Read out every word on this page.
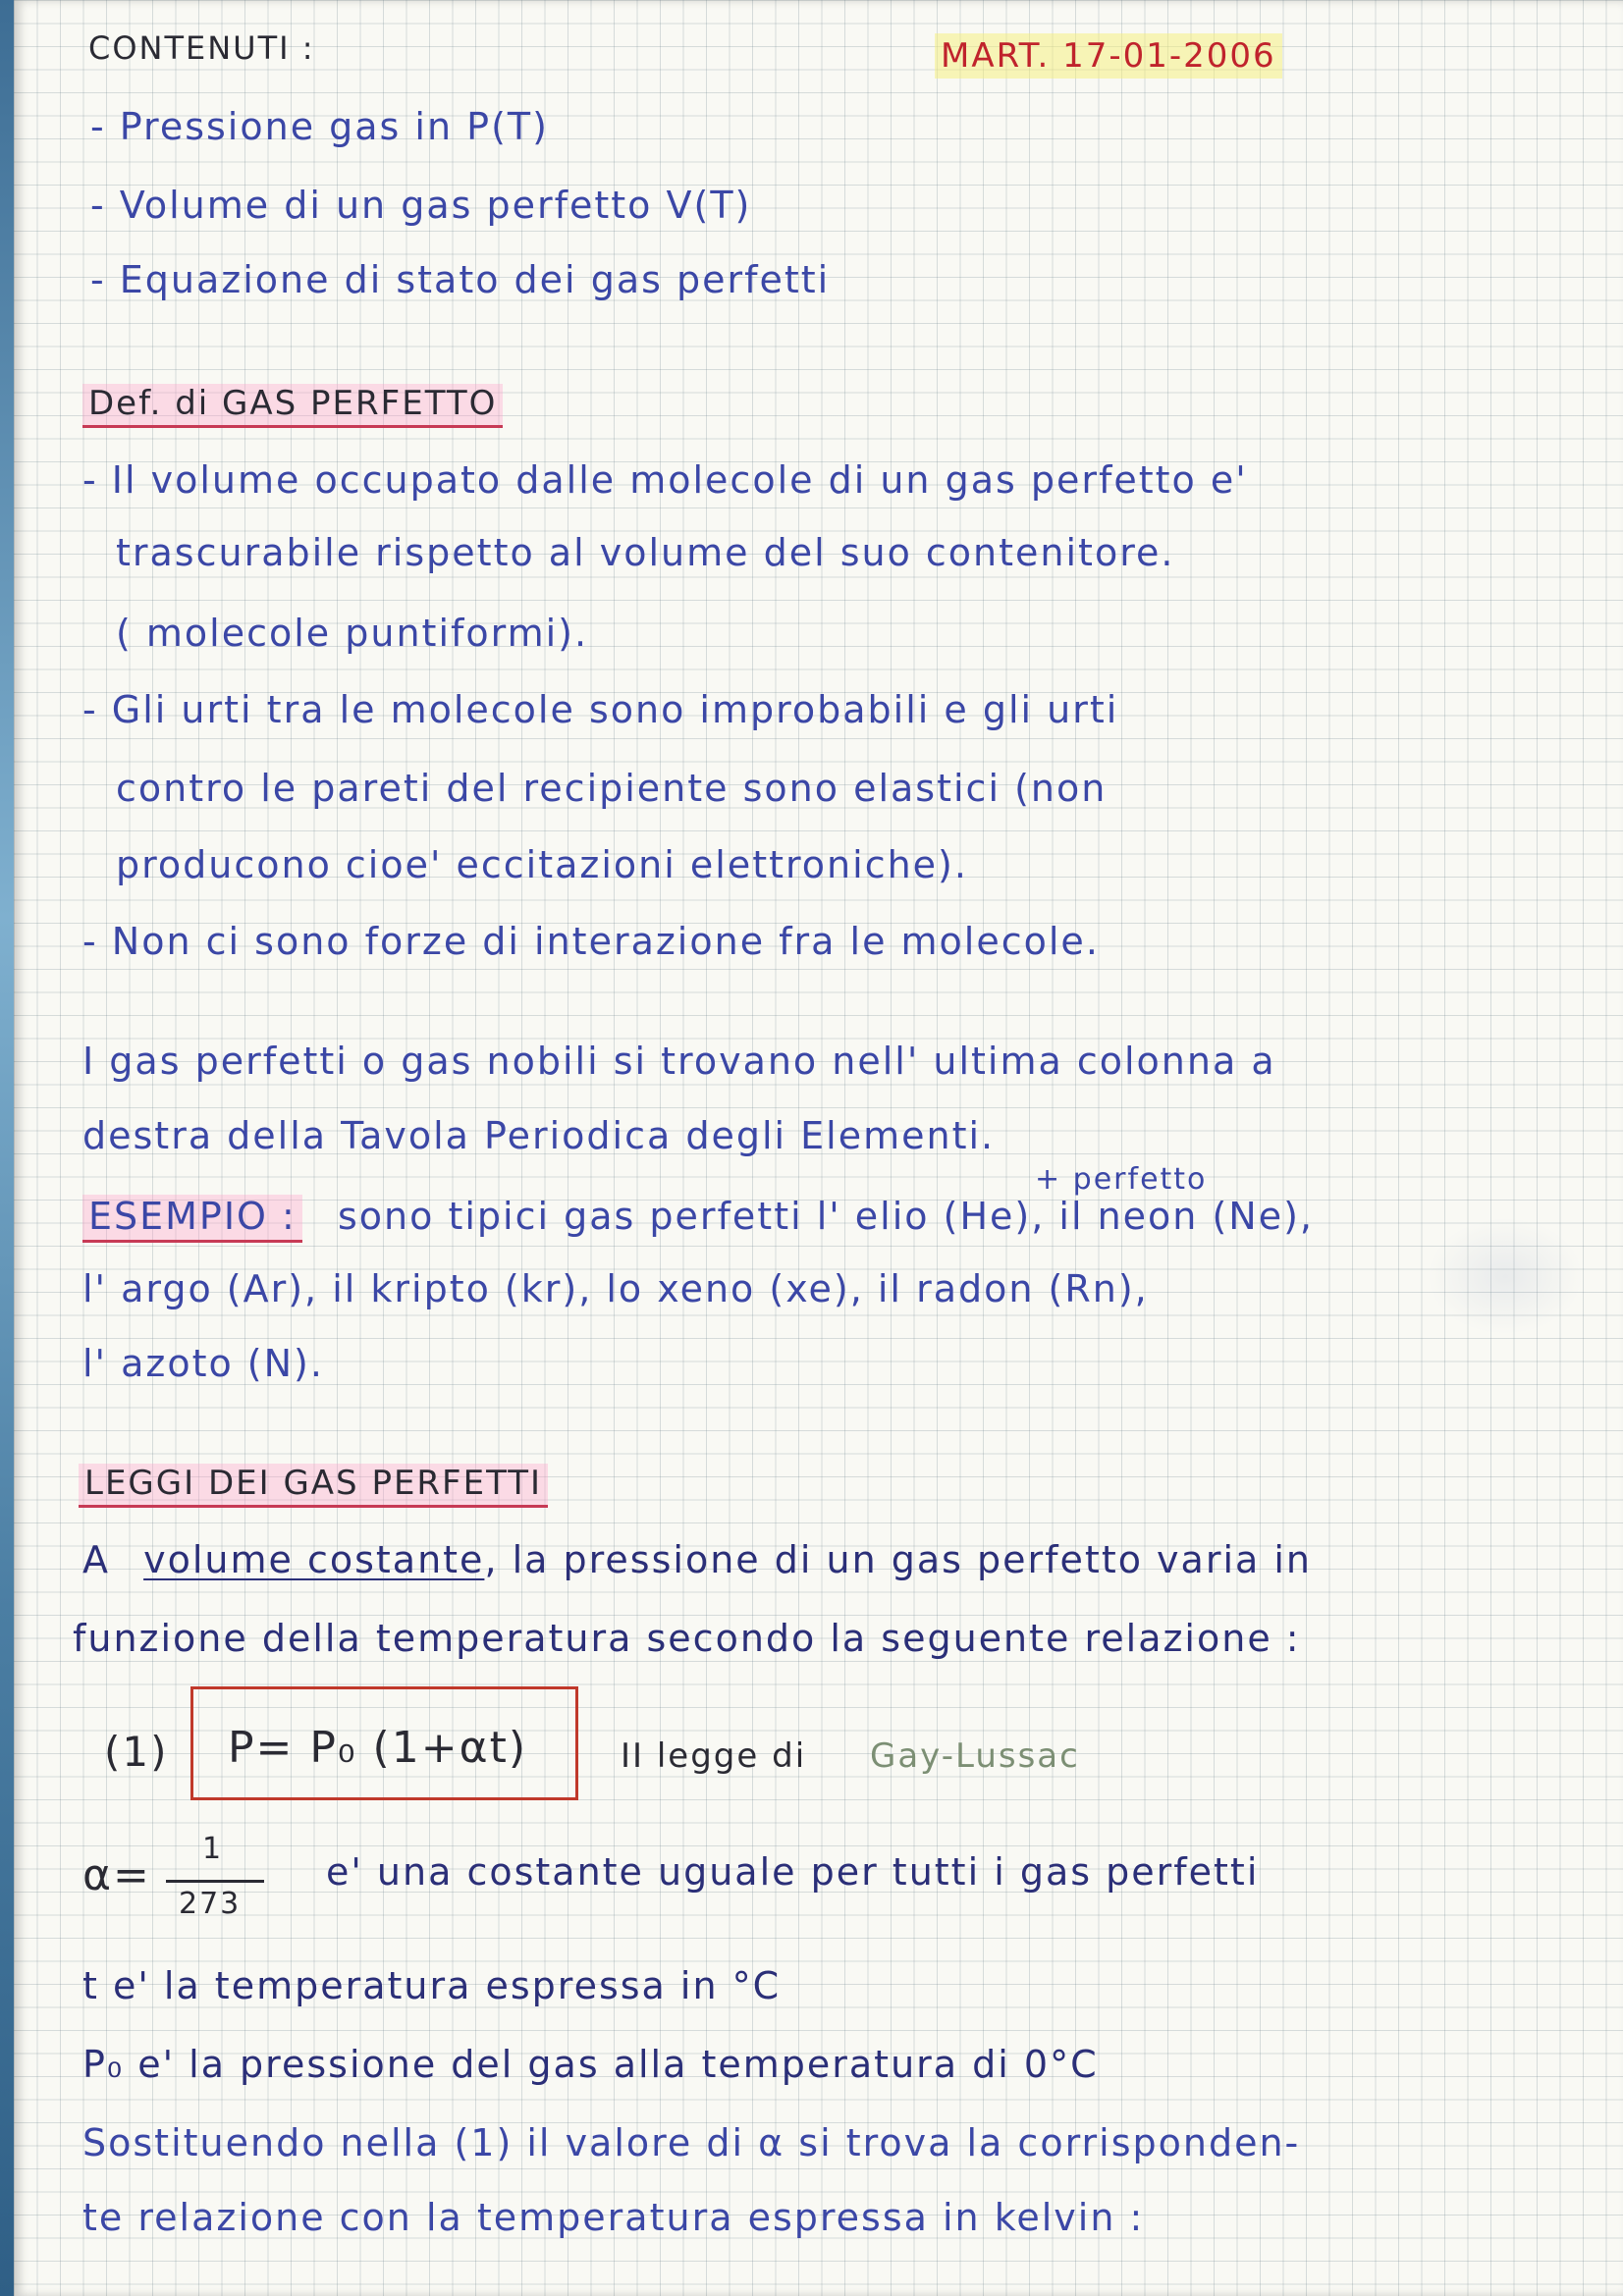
CONTENUTI :	MART. 17-01-2006
- Pressione gas in P(T)
- Volume di un gas perfetto V(T)
- Equazione di stato dei gas perfetti
Def. di GAS PERFETTO
- Il volume occupato dalle molecole di un gas perfetto e'
trascurabile rispetto al volume del suo contenitore.
( molecole puntiformi).
- Gli urti tra le molecole sono improbabili e gli urti
contro le pareti del recipiente sono elastici (non
producono cioe' eccitazioni elettroniche).
- Non ci sono forze di interazione fra le molecole.
I gas perfetti o gas nobili si trovano nell' ultima colonna a
destra della Tavola Periodica degli Elementi.
+ perfetto
ESEMPIO : sono tipici gas perfetti l' elio (He), il neon (Ne),
l' argo (Ar), il kripto (kr), lo xeno (xe), il radon (Rn),
l' azoto (N).
LEGGI DEI GAS PERFETTI
A volume costante, la pressione di un gas perfetto varia in
funzione della temperatura secondo la seguente relazione :
(1) P= P₀ (1+αt)	II legge di Gay-Lussac
α=
1
273
e' una costante uguale per tutti i gas perfetti
t e' la temperatura espressa in °C
P₀ e' la pressione del gas alla temperatura di 0°C
Sostituendo nella (1) il valore di α si trova la corrisponden-
te relazione con la temperatura espressa in kelvin :
